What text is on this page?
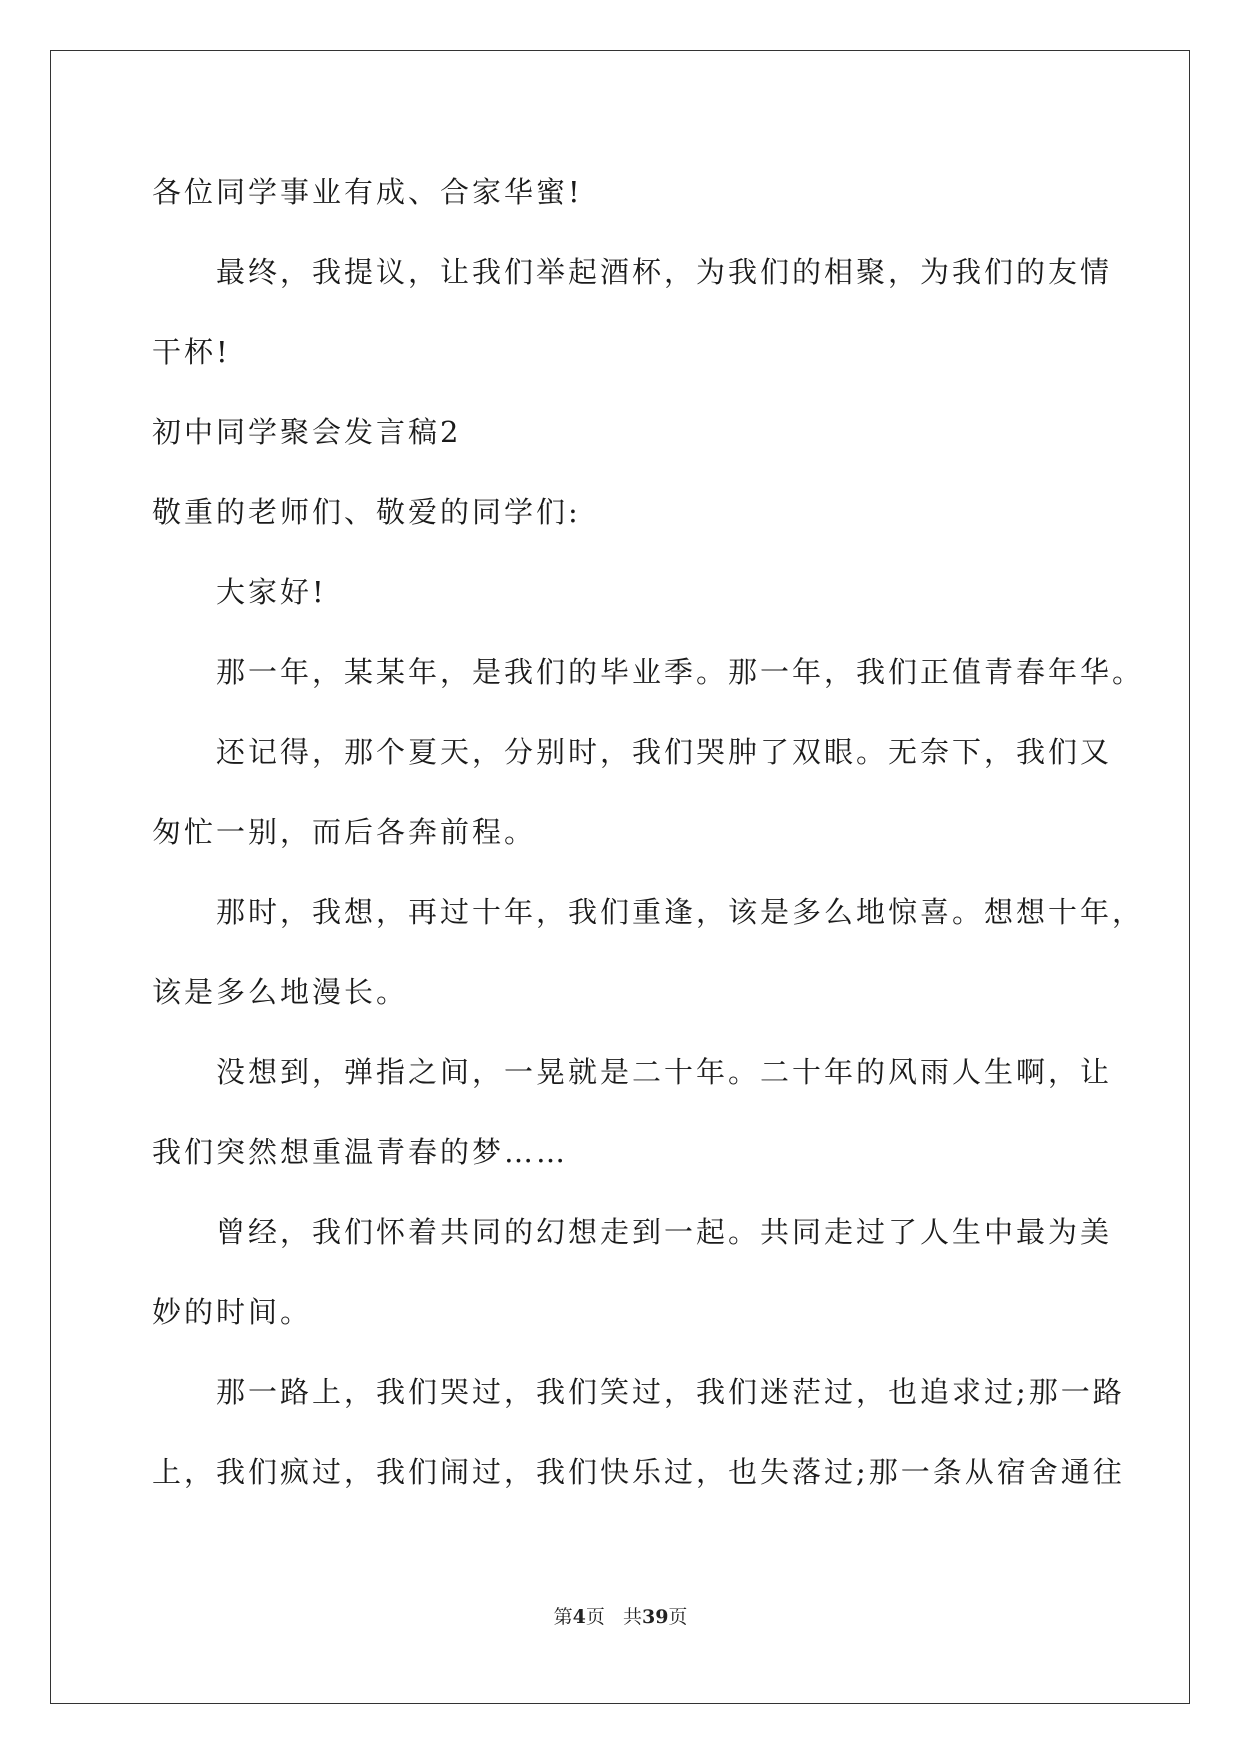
各位同学事业有成、合家华蜜!
最终，我提议，让我们举起酒杯，为我们的相聚，为我们的友情
干杯!
初中同学聚会发言稿2
敬重的老师们、敬爱的同学们:
大家好!
那一年，某某年，是我们的毕业季。那一年，我们正值青春年华。
还记得，那个夏天，分别时，我们哭肿了双眼。无奈下，我们又
匆忙一别，而后各奔前程。
那时，我想，再过十年，我们重逢，该是多么地惊喜。想想十年，
该是多么地漫长。
没想到，弹指之间，一晃就是二十年。二十年的风雨人生啊，让
我们突然想重温青春的梦……
曾经，我们怀着共同的幻想走到一起。共同走过了人生中最为美
妙的时间。
那一路上，我们哭过，我们笑过，我们迷茫过，也追求过;那一路
上，我们疯过，我们闹过，我们快乐过，也失落过;那一条从宿舍通往
第4页 共39页
